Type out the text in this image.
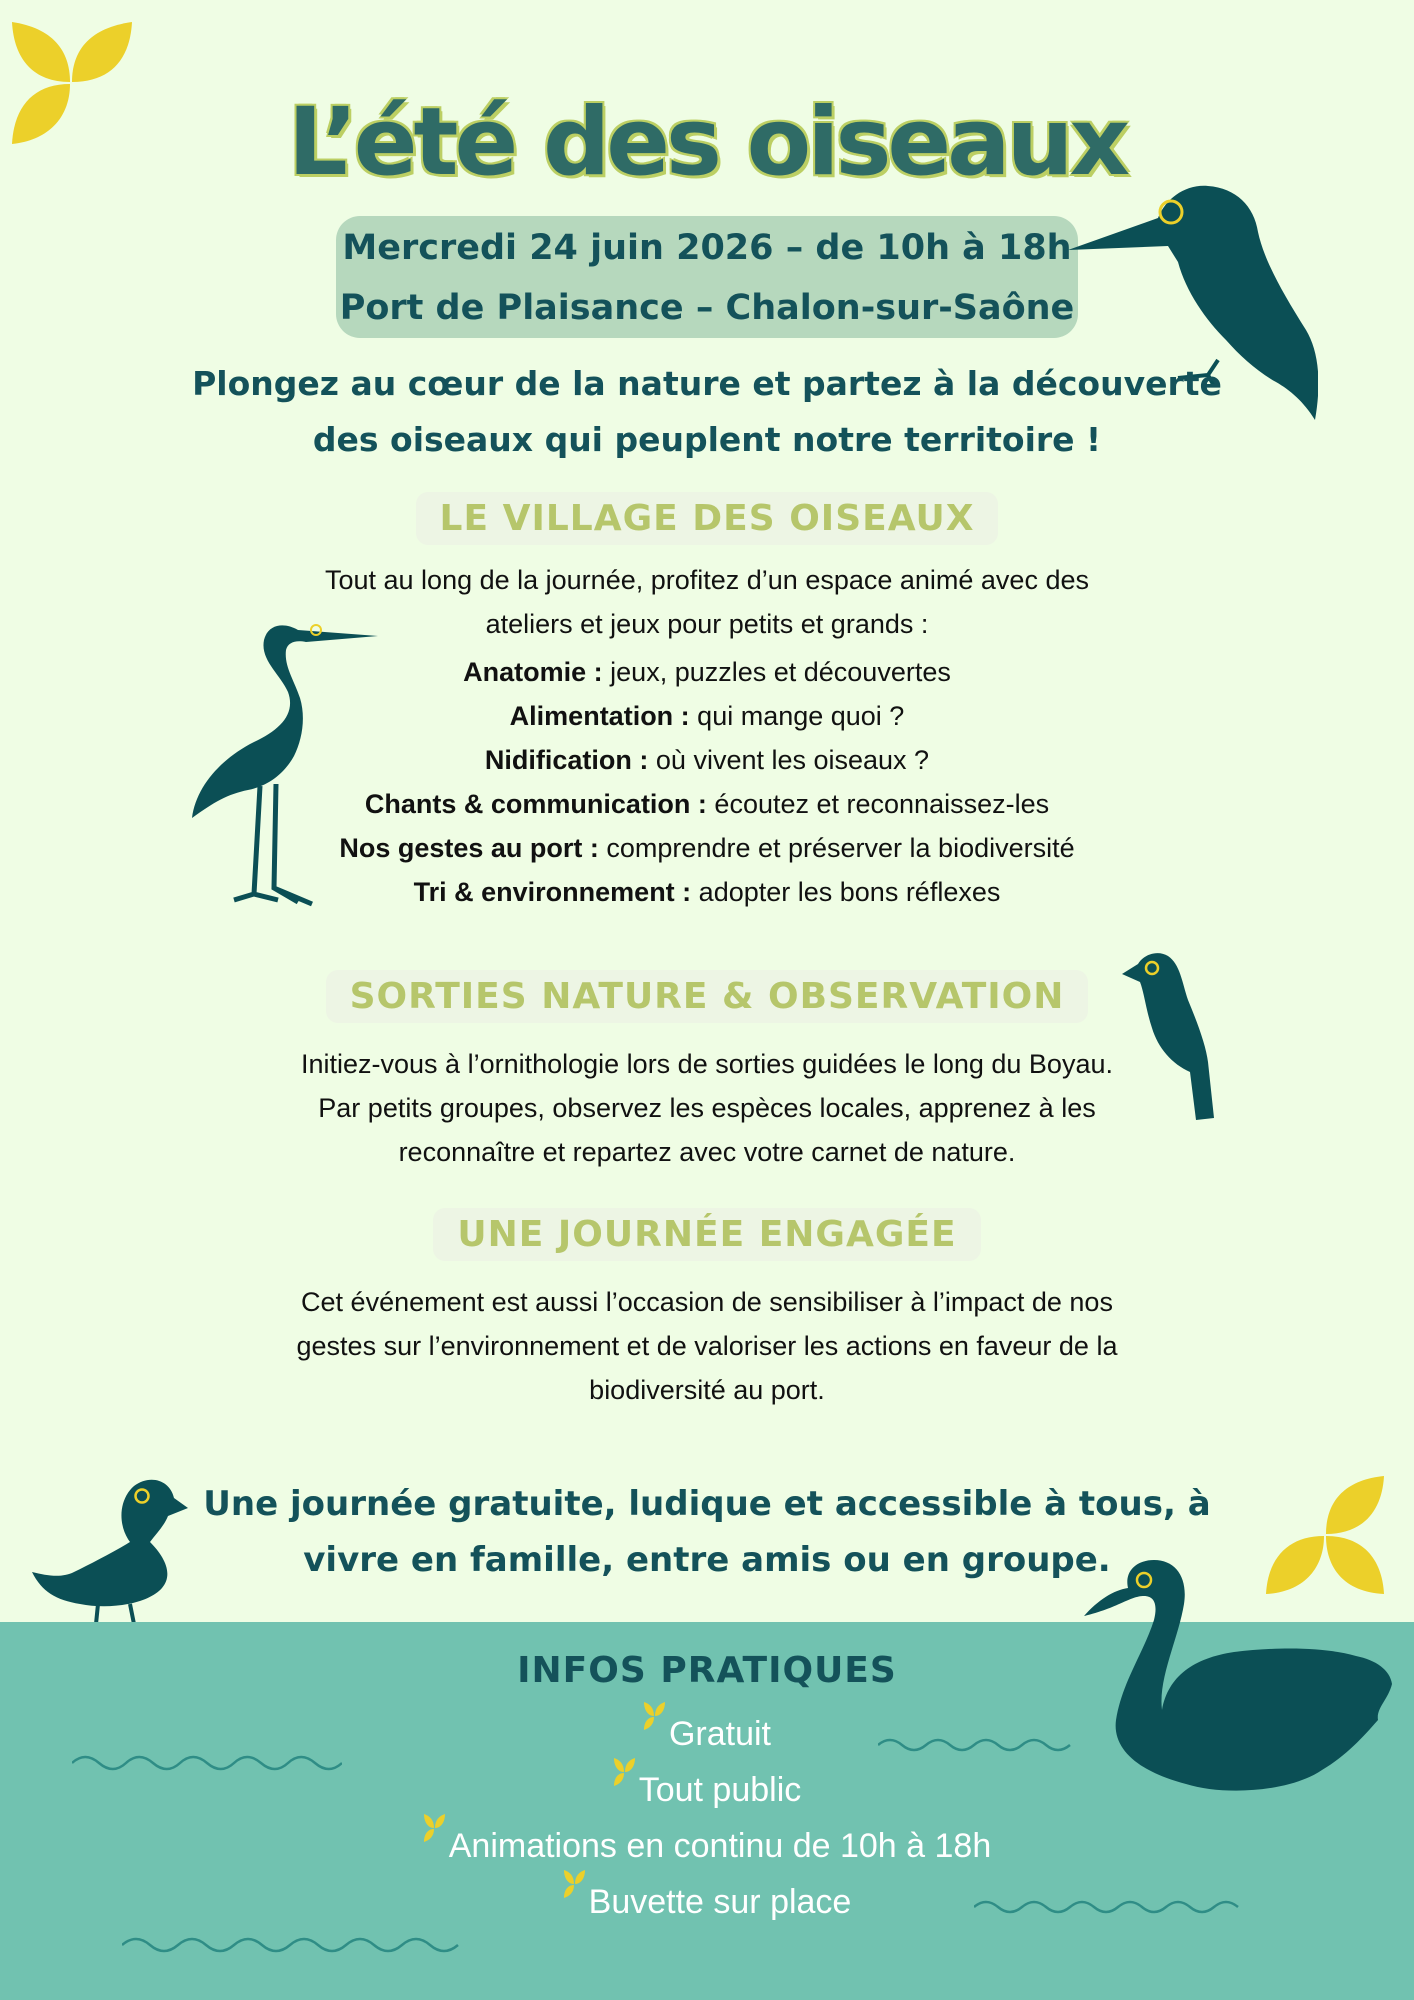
L’été des oiseaux
Mercredi 24 juin 2026 – de 10h à 18h
Port de Plaisance – Chalon-sur-Saône
Plongez au cœur de la nature et partez à la découverte
des oiseaux qui peuplent notre territoire !
LE VILLAGE DES OISEAUX
Tout au long de la journée, profitez d’un espace animé avec des
ateliers et jeux pour petits et grands :
Anatomie : jeux, puzzles et découvertes
Alimentation : qui mange quoi ?
Nidification : où vivent les oiseaux ?
Chants & communication : écoutez et reconnaissez-les
Nos gestes au port : comprendre et préserver la biodiversité
Tri & environnement : adopter les bons réflexes
SORTIES NATURE & OBSERVATION
Initiez-vous à l’ornithologie lors de sorties guidées le long du Boyau.
Par petits groupes, observez les espèces locales, apprenez à les
reconnaître et repartez avec votre carnet de nature.
UNE JOURNÉE ENGAGÉE
Cet événement est aussi l’occasion de sensibiliser à l’impact de nos
gestes sur l’environnement et de valoriser les actions en faveur de la
biodiversité au port.
Une journée gratuite, ludique et accessible à tous, à
vivre en famille, entre amis ou en groupe.
INFOS PRATIQUES
Gratuit
Tout public
Animations en continu de 10h à 18h
Buvette sur place
